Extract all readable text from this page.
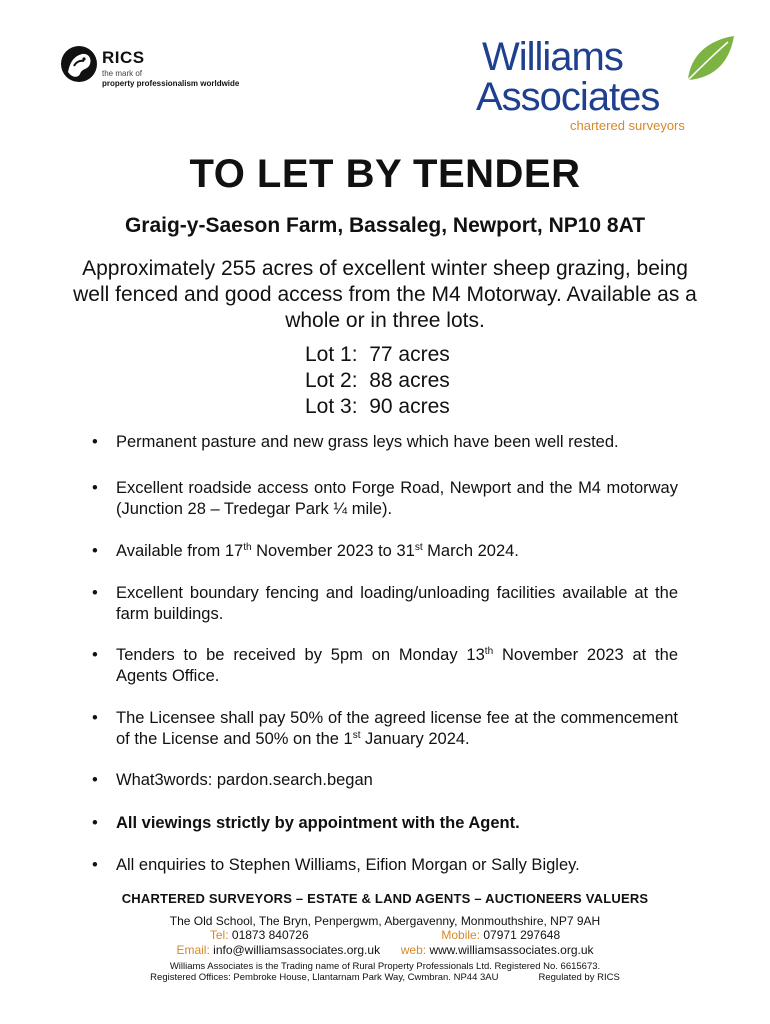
RICS
the mark of
property professionalism worldwide
Williams
Associates
chartered surveyors
TO LET BY TENDER
Graig-y-Saeson Farm, Bassaleg, Newport, NP10 8AT
Approximately 255 acres of excellent winter sheep grazing, being well fenced and good access from the M4 Motorway. Available as a whole or in three lots.
Lot 1: 77 acres
Lot 2: 88 acres
Lot 3: 90 acres
• Permanent pasture and new grass leys which have been well rested.
• Excellent roadside access onto Forge Road, Newport and the M4 motorway (Junction 28 – Tredegar Park ¼ mile).
• Available from 17th November 2023 to 31st March 2024.
• Excellent boundary fencing and loading/unloading facilities available at the farm buildings.
• Tenders to be received by 5pm on Monday 13th November 2023 at the Agents Office.
• The Licensee shall pay 50% of the agreed license fee at the commencement of the License and 50% on the 1st January 2024.
• What3words: pardon.search.began
• All viewings strictly by appointment with the Agent.
• All enquiries to Stephen Williams, Eifion Morgan or Sally Bigley.
CHARTERED SURVEYORS – ESTATE & LAND AGENTS – AUCTIONEERS VALUERS
The Old School, The Bryn, Penpergwm, Abergavenny, Monmouthshire, NP7 9AH
Tel: 01873 840726	Mobile: 07971 297648
Email: info@williamsassociates.org.uk web: www.williamsassociates.org.uk
Williams Associates is the Trading name of Rural Property Professionals Ltd. Registered No. 6615673.
Registered Offices: Pembroke House, Llantarnam Park Way, Cwmbran. NP44 3AU	Regulated by RICS
